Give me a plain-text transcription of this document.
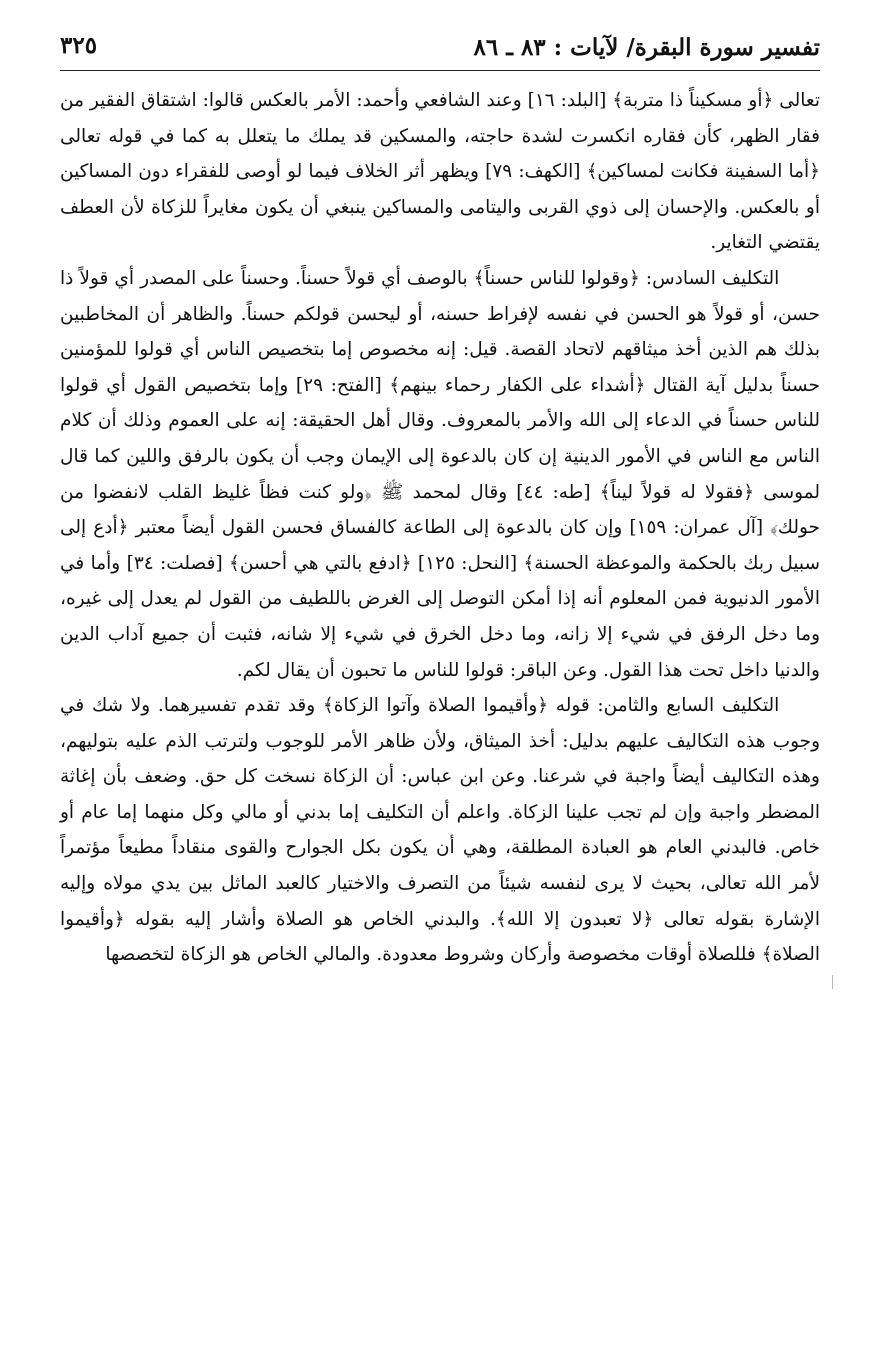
تفسير سورة البقرة/ لآيات : ٨٣ ـ ٨٦
٣٢٥

تعالى ﴿أو مسكيناً ذا متربة﴾ [البلد: ١٦] وعند الشافعي وأحمد: الأمر بالعكس قالوا: اشتقاق الفقير من فقار الظهر، كأن فقاره انكسرت لشدة حاجته، والمسكين قد يملك ما يتعلل به كما في قوله تعالى ﴿أما السفينة فكانت لمساكين﴾ [الكهف: ٧٩] ويظهر أثر الخلاف فيما لو أوصى للفقراء دون المساكين أو بالعكس. والإحسان إلى ذوي القربى واليتامى والمساكين ينبغي أن يكون مغايراً للزكاة لأن العطف يقتضي التغاير.

التكليف السادس: ﴿وقولوا للناس حسناً﴾ بالوصف أي قولاً حسناً. وحسناً على المصدر أي قولاً ذا حسن، أو قولاً هو الحسن في نفسه لإفراط حسنه، أو ليحسن قولكم حسناً. والظاهر أن المخاطبين بذلك هم الذين أخذ ميثاقهم لاتحاد القصة. قيل: إنه مخصوص إما بتخصيص الناس أي قولوا للمؤمنين حسناً بدليل آية القتال ﴿أشداء على الكفار رحماء بينهم﴾ [الفتح: ٢٩] وإما بتخصيص القول أي قولوا للناس حسناً في الدعاء إلى الله والأمر بالمعروف. وقال أهل الحقيقة: إنه على العموم وذلك أن كلام الناس مع الناس في الأمور الدينية إن كان بالدعوة إلى الإيمان وجب أن يكون بالرفق واللين كما قال لموسى ﴿فقولا له قولاً ليناً﴾ [طه: ٤٤] وقال لمحمد ﷺ ﴿ولو كنت فظاً غليظ القلب لانفضوا من حولك﴾ [آل عمران: ١٥٩] وإن كان بالدعوة إلى الطاعة كالفساق فحسن القول أيضاً معتبر ﴿أدع إلى سبيل ربك بالحكمة والموعظة الحسنة﴾ [النحل: ١٢٥] ﴿ادفع بالتي هي أحسن﴾ [فصلت: ٣٤] وأما في الأمور الدنيوية فمن المعلوم أنه إذا أمكن التوصل إلى الغرض باللطيف من القول لم يعدل إلى غيره، وما دخل الرفق في شيء إلا زانه، وما دخل الخرق في شيء إلا شانه، فثبت أن جميع آداب الدين والدنيا داخل تحت هذا القول. وعن الباقر: قولوا للناس ما تحبون أن يقال لكم.

التكليف السابع والثامن: قوله ﴿وأقيموا الصلاة وآتوا الزكاة﴾ وقد تقدم تفسيرهما. ولا شك في وجوب هذه التكاليف عليهم بدليل: أخذ الميثاق، ولأن ظاهر الأمر للوجوب ولترتب الذم عليه بتوليهم، وهذه التكاليف أيضاً واجبة في شرعنا. وعن ابن عباس: أن الزكاة نسخت كل حق. وضعف بأن إغاثة المضطر واجبة وإن لم تجب علينا الزكاة. واعلم أن التكليف إما بدني أو مالي وكل منهما إما عام أو خاص. فالبدني العام هو العبادة المطلقة، وهي أن يكون بكل الجوارح والقوى منقاداً مطيعاً مؤتمراً لأمر الله تعالى، بحيث لا يرى لنفسه شيئاً من التصرف والاختيار كالعبد الماثل بين يدي مولاه وإليه الإشارة بقوله تعالى ﴿لا تعبدون إلا الله﴾. والبدني الخاص هو الصلاة وأشار إليه بقوله ﴿وأقيموا الصلاة﴾ فللصلاة أوقات مخصوصة وأركان وشروط معدودة. والمالي الخاص هو الزكاة لتخصصها
